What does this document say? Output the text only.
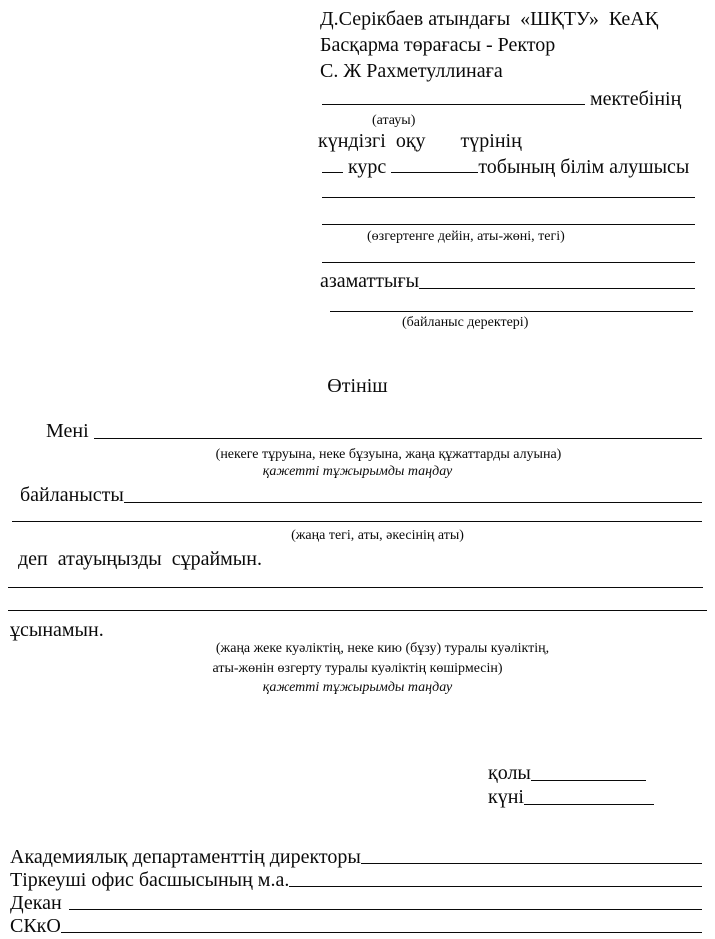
Д.Серікбаев атындағы  «ШҚТУ»  КеАҚ
Басқарма төрағасы - Ректор
С. Ж Рахметуллинаға
мектебінің
(атауы)
күндізгі  оқу       түрінің
курс	тобының білім алушысы
(өзгертенге дейін, аты-жөні, тегі)
азаматтығы
(байланыс деректері)
Өтініш
Мені
(некеге тұруына, неке бұзуына, жаңа құжаттарды алуына)
қажетті тұжырымды таңдау
байланысты
(жаңа тегі, аты, әкесінің аты)
деп  атауыңызды  сұраймын.
ұсынамын.
(жаңа жеке куәліктің, неке кию (бұзу) туралы куәліктің,
аты-жөнін өзгерту туралы куәліктің көшірмесін)
қажетті тұжырымды таңдау
қолы
күні
Академиялық департаменттің директоры
Тіркеуші офис басшысының м.а.
Декан
СКкО
